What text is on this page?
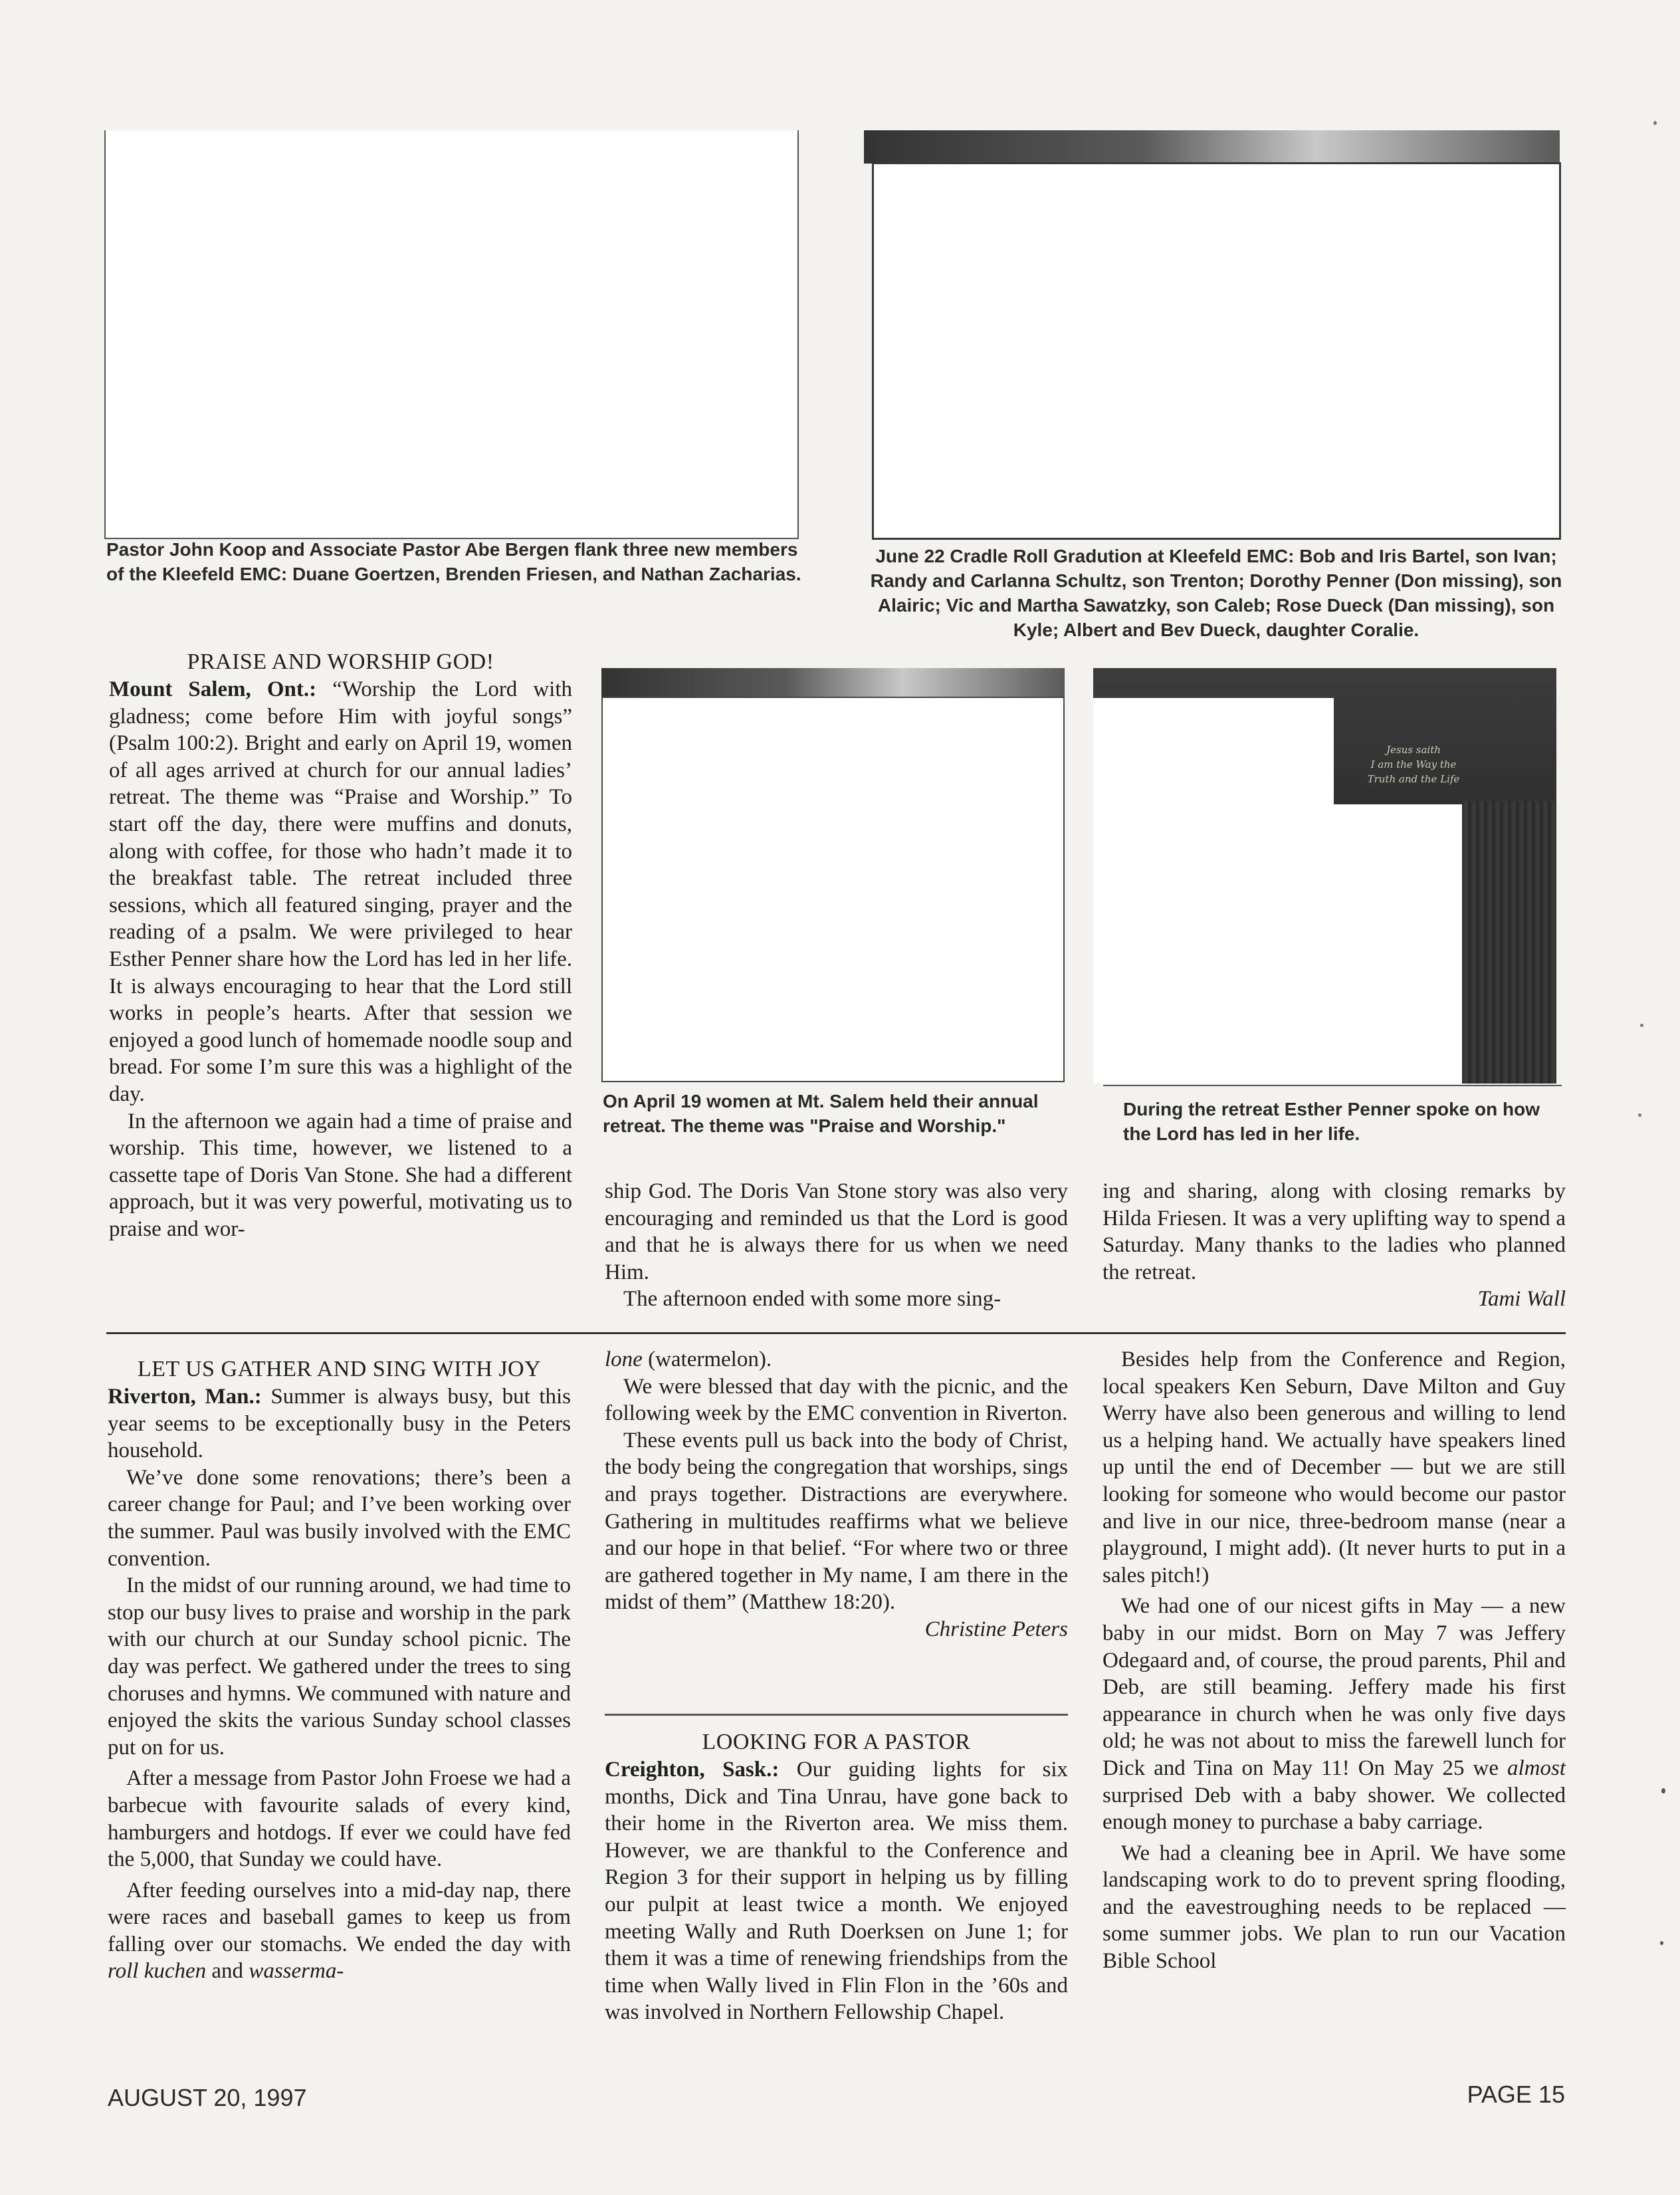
Pastor John Koop and Associate Pastor Abe Bergen flank three new members of the Kleefeld EMC: Duane Goertzen, Brenden Friesen, and Nathan Zacharias.
June 22 Cradle Roll Gradution at Kleefeld EMC: Bob and Iris Bartel, son Ivan; Randy and Carlanna Schultz, son Trenton; Dorothy Penner (Don missing), son Alairic; Vic and Martha Sawatzky, son Caleb; Rose Dueck (Dan missing), son Kyle; Albert and Bev Dueck, daughter Coralie.
On April 19 women at Mt. Salem held their annual retreat. The theme was "Praise and Worship."
Jesus saith
I am the Way the
Truth and the Life
During the retreat Esther Penner spoke on how the Lord has led in her life.

PRAISE AND WORSHIP GOD!

Mount Salem, Ont.: “Worship the Lord with gladness; come before Him with joyful songs” (Psalm 100:2). Bright and early on April 19, women of all ages arrived at church for our annual ladies’ retreat. The theme was “Praise and Worship.” To start off the day, there were muffins and donuts, along with coffee, for those who hadn’t made it to the breakfast table. The retreat included three sessions, which all featured singing, prayer and the reading of a psalm. We were privileged to hear Esther Penner share how the Lord has led in her life. It is always encouraging to hear that the Lord still works in people’s hearts. After that session we enjoyed a good lunch of homemade noodle soup and bread. For some I’m sure this was a highlight of the day.

In the afternoon we again had a time of praise and worship. This time, however, we listened to a cassette tape of Doris Van Stone. She had a different approach, but it was very powerful, motivating us to praise and wor-

ship God. The Doris Van Stone story was also very encouraging and reminded us that the Lord is good and that he is always there for us when we need Him.

The afternoon ended with some more sing-

ing and sharing, along with closing remarks by Hilda Friesen. It was a very uplifting way to spend a Saturday. Many thanks to the ladies who planned the retreat.

Tami Wall

LET US GATHER AND SING WITH JOY

Riverton, Man.: Summer is always busy, but this year seems to be exceptionally busy in the Peters household.

We’ve done some renovations; there’s been a career change for Paul; and I’ve been working over the summer. Paul was busily involved with the EMC convention.

In the midst of our running around, we had time to stop our busy lives to praise and worship in the park with our church at our Sunday school picnic. The day was perfect. We gathered under the trees to sing choruses and hymns. We communed with nature and enjoyed the skits the various Sunday school classes put on for us.

After a message from Pastor John Froese we had a barbecue with favourite salads of every kind, hamburgers and hotdogs. If ever we could have fed the 5,000, that Sunday we could have.

After feeding ourselves into a mid-day nap, there were races and baseball games to keep us from falling over our stomachs. We ended the day with roll kuchen and wasserma-

lone (watermelon).

We were blessed that day with the picnic, and the following week by the EMC convention in Riverton.

These events pull us back into the body of Christ, the body being the congregation that worships, sings and prays together. Distractions are everywhere. Gathering in multitudes reaffirms what we believe and our hope in that belief. “For where two or three are gathered together in My name, I am there in the midst of them” (Matthew 18:20).

Christine Peters

LOOKING FOR A PASTOR

Creighton, Sask.: Our guiding lights for six months, Dick and Tina Unrau, have gone back to their home in the Riverton area. We miss them. However, we are thankful to the Conference and Region 3 for their support in helping us by filling our pulpit at least twice a month. We enjoyed meeting Wally and Ruth Doerksen on June 1; for them it was a time of renewing friendships from the time when Wally lived in Flin Flon in the ’60s and was involved in Northern Fellowship Chapel.

Besides help from the Conference and Region, local speakers Ken Seburn, Dave Milton and Guy Werry have also been generous and willing to lend us a helping hand. We actually have speakers lined up until the end of December — but we are still looking for someone who would become our pastor and live in our nice, three-bedroom manse (near a playground, I might add). (It never hurts to put in a sales pitch!)

We had one of our nicest gifts in May — a new baby in our midst. Born on May 7 was Jeffery Odegaard and, of course, the proud parents, Phil and Deb, are still beaming. Jeffery made his first appearance in church when he was only five days old; he was not about to miss the farewell lunch for Dick and Tina on May 11! On May 25 we almost surprised Deb with a baby shower. We collected enough money to purchase a baby carriage.

We had a cleaning bee in April. We have some landscaping work to do to prevent spring flooding, and the eavestroughing needs to be replaced — some summer jobs. We plan to run our Vacation Bible School

AUGUST 20, 1997	PAGE 15
